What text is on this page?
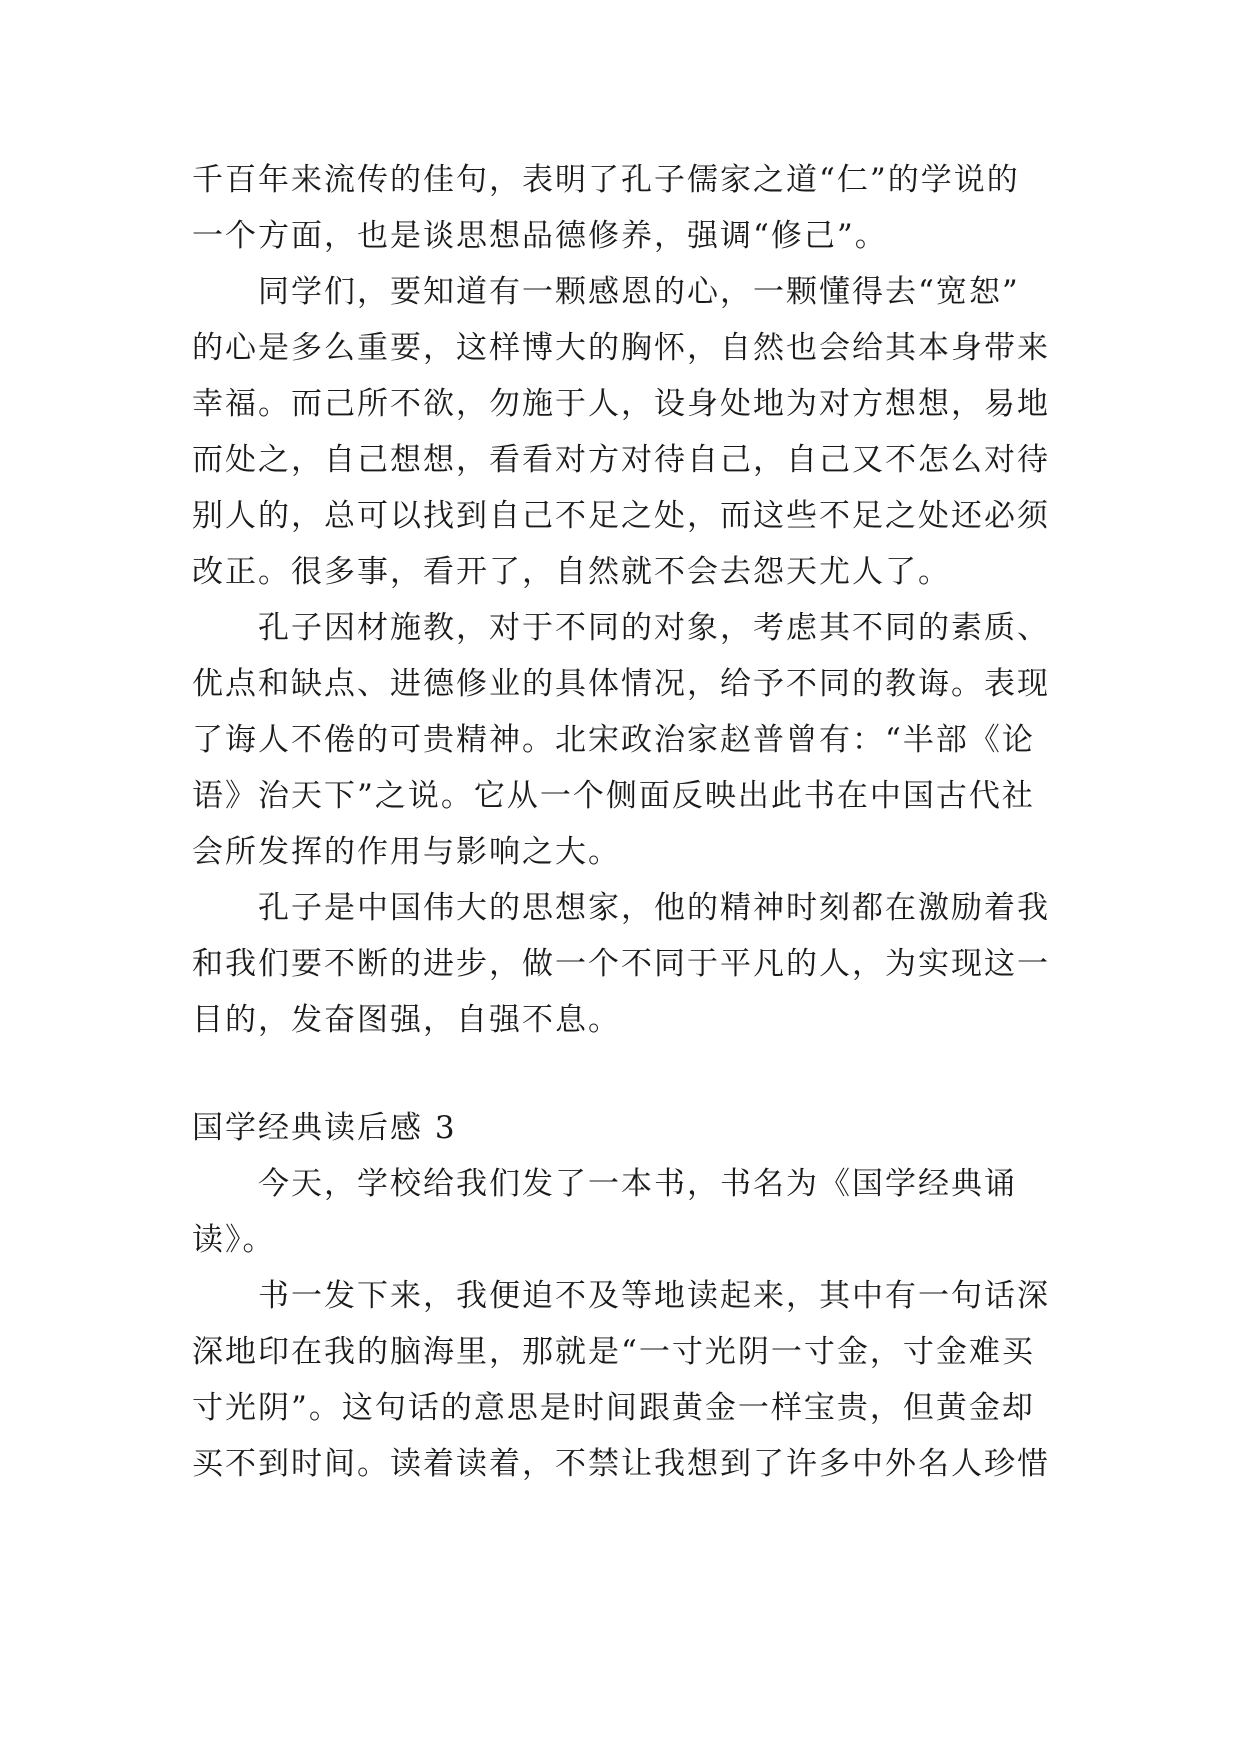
千百年来流传的佳句，表明了孔子儒家之道“仁”的学说的
一个方面，也是谈思想品德修养，强调“修己”。
同学们，要知道有一颗感恩的心，一颗懂得去“宽恕”
的心是多么重要，这样博大的胸怀，自然也会给其本身带来
幸福。而己所不欲，勿施于人，设身处地为对方想想，易地
而处之，自己想想，看看对方对待自己，自己又不怎么对待
别人的，总可以找到自己不足之处，而这些不足之处还必须
改正。很多事，看开了，自然就不会去怨天尤人了。
孔子因材施教，对于不同的对象，考虑其不同的素质、
优点和缺点、进德修业的具体情况，给予不同的教诲。表现
了诲人不倦的可贵精神。北宋政治家赵普曾有：“半部《论
语》治天下”之说。它从一个侧面反映出此书在中国古代社
会所发挥的作用与影响之大。
孔子是中国伟大的思想家，他的精神时刻都在激励着我
和我们要不断的进步，做一个不同于平凡的人，为实现这一
目的，发奋图强，自强不息。
国学经典读后感 3
今天，学校给我们发了一本书，书名为《国学经典诵
读》。
书一发下来，我便迫不及等地读起来，其中有一句话深
深地印在我的脑海里，那就是“一寸光阴一寸金，寸金难买
寸光阴”。这句话的意思是时间跟黄金一样宝贵，但黄金却
买不到时间。读着读着，不禁让我想到了许多中外名人珍惜
